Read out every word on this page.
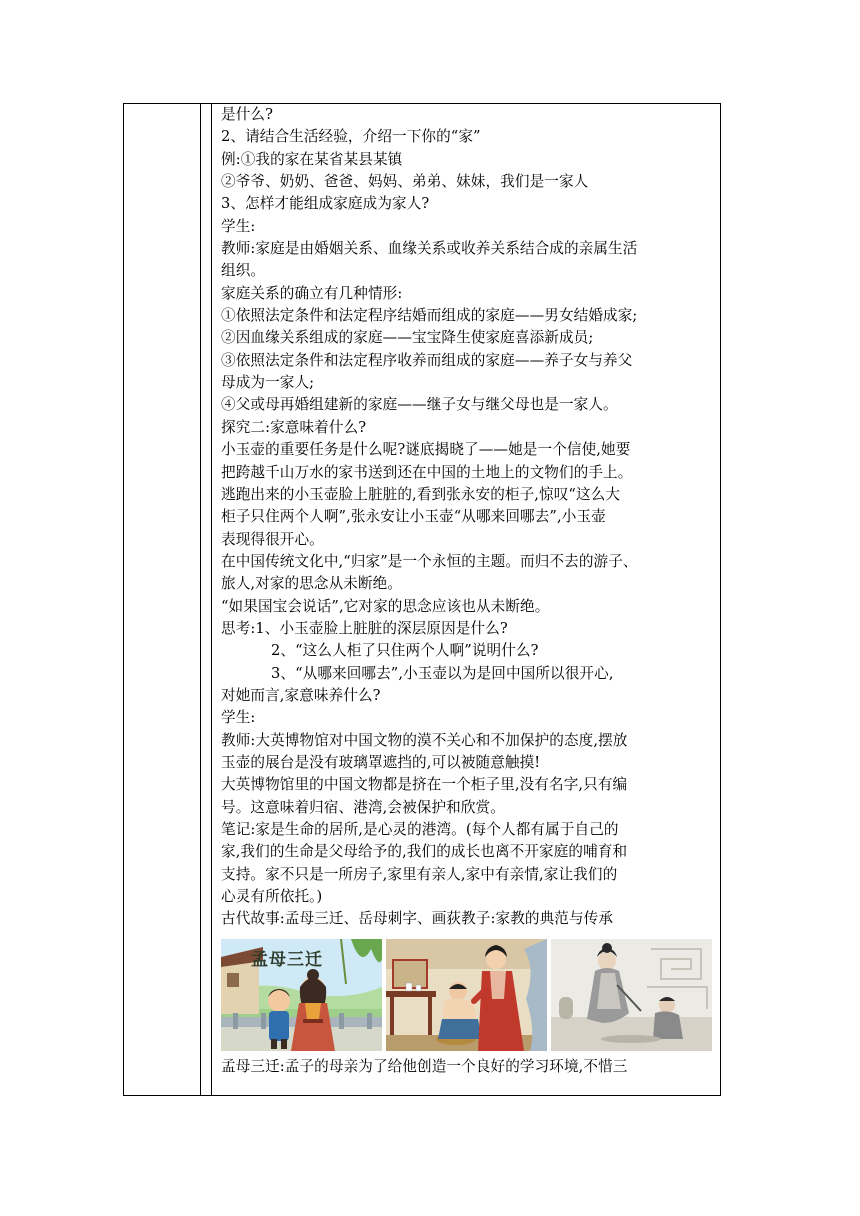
是什么?
2、请结合生活经验，介绍一下你的“家”
例:①我的家在某省某县某镇
②爷爷、奶奶、爸爸、妈妈、弟弟、妹妹，我们是一家人
3、怎样才能组成家庭成为家人?
学生:
教师:家庭是由婚姻关系、血缘关系或收养关系结合成的亲属生活
组织。
家庭关系的确立有几种情形:
①依照法定条件和法定程序结婚而组成的家庭——男女结婚成家;
②因血缘关系组成的家庭——宝宝降生使家庭喜添新成员;
③依照法定条件和法定程序收养而组成的家庭——养子女与养父
母成为一家人;
④父或母再婚组建新的家庭——继子女与继父母也是一家人。
探究二:家意味着什么?
小玉壶的重要任务是什么呢?谜底揭晓了——她是一个信使,她要
把跨越千山万水的家书送到还在中国的土地上的文物们的手上。
逃跑出来的小玉壶脸上脏脏的,看到张永安的柜子,惊叹“这么大
柜子只住两个人啊”,张永安让小玉壶“从哪来回哪去”,小玉壶
表现得很开心。
在中国传统文化中,“归家”是一个永恒的主题。而归不去的游子、
旅人,对家的思念从未断绝。
“如果国宝会说话”,它对家的思念应该也从未断绝。
思考:1、小玉壶脸上脏脏的深层原因是什么?
2、“这么人柜了只住两个人啊”说明什么?
3、“从哪来回哪去”,小玉壶以为是回中国所以很开心,
对她而言,家意味养什么?
学生:
教师:大英博物馆对中国文物的漠不关心和不加保护的态度,摆放
玉壶的展台是没有玻璃罩遮挡的,可以被随意触摸!
大英博物馆里的中国文物都是挤在一个柜子里,没有名字,只有编
号。这意味着归宿、港湾,会被保护和欣赏。
笔记:家是生命的居所,是心灵的港湾。(每个人都有属于自己的
家,我们的生命是父母给予的,我们的成长也离不开家庭的哺育和
支持。家不只是一所房子,家里有亲人,家中有亲情,家让我们的
心灵有所依托。)
古代故事:孟母三迁、岳母刺字、画荻教子:家教的典范与传承
孟母三迁
孟母三迁:孟子的母亲为了给他创造一个良好的学习环境,不惜三
